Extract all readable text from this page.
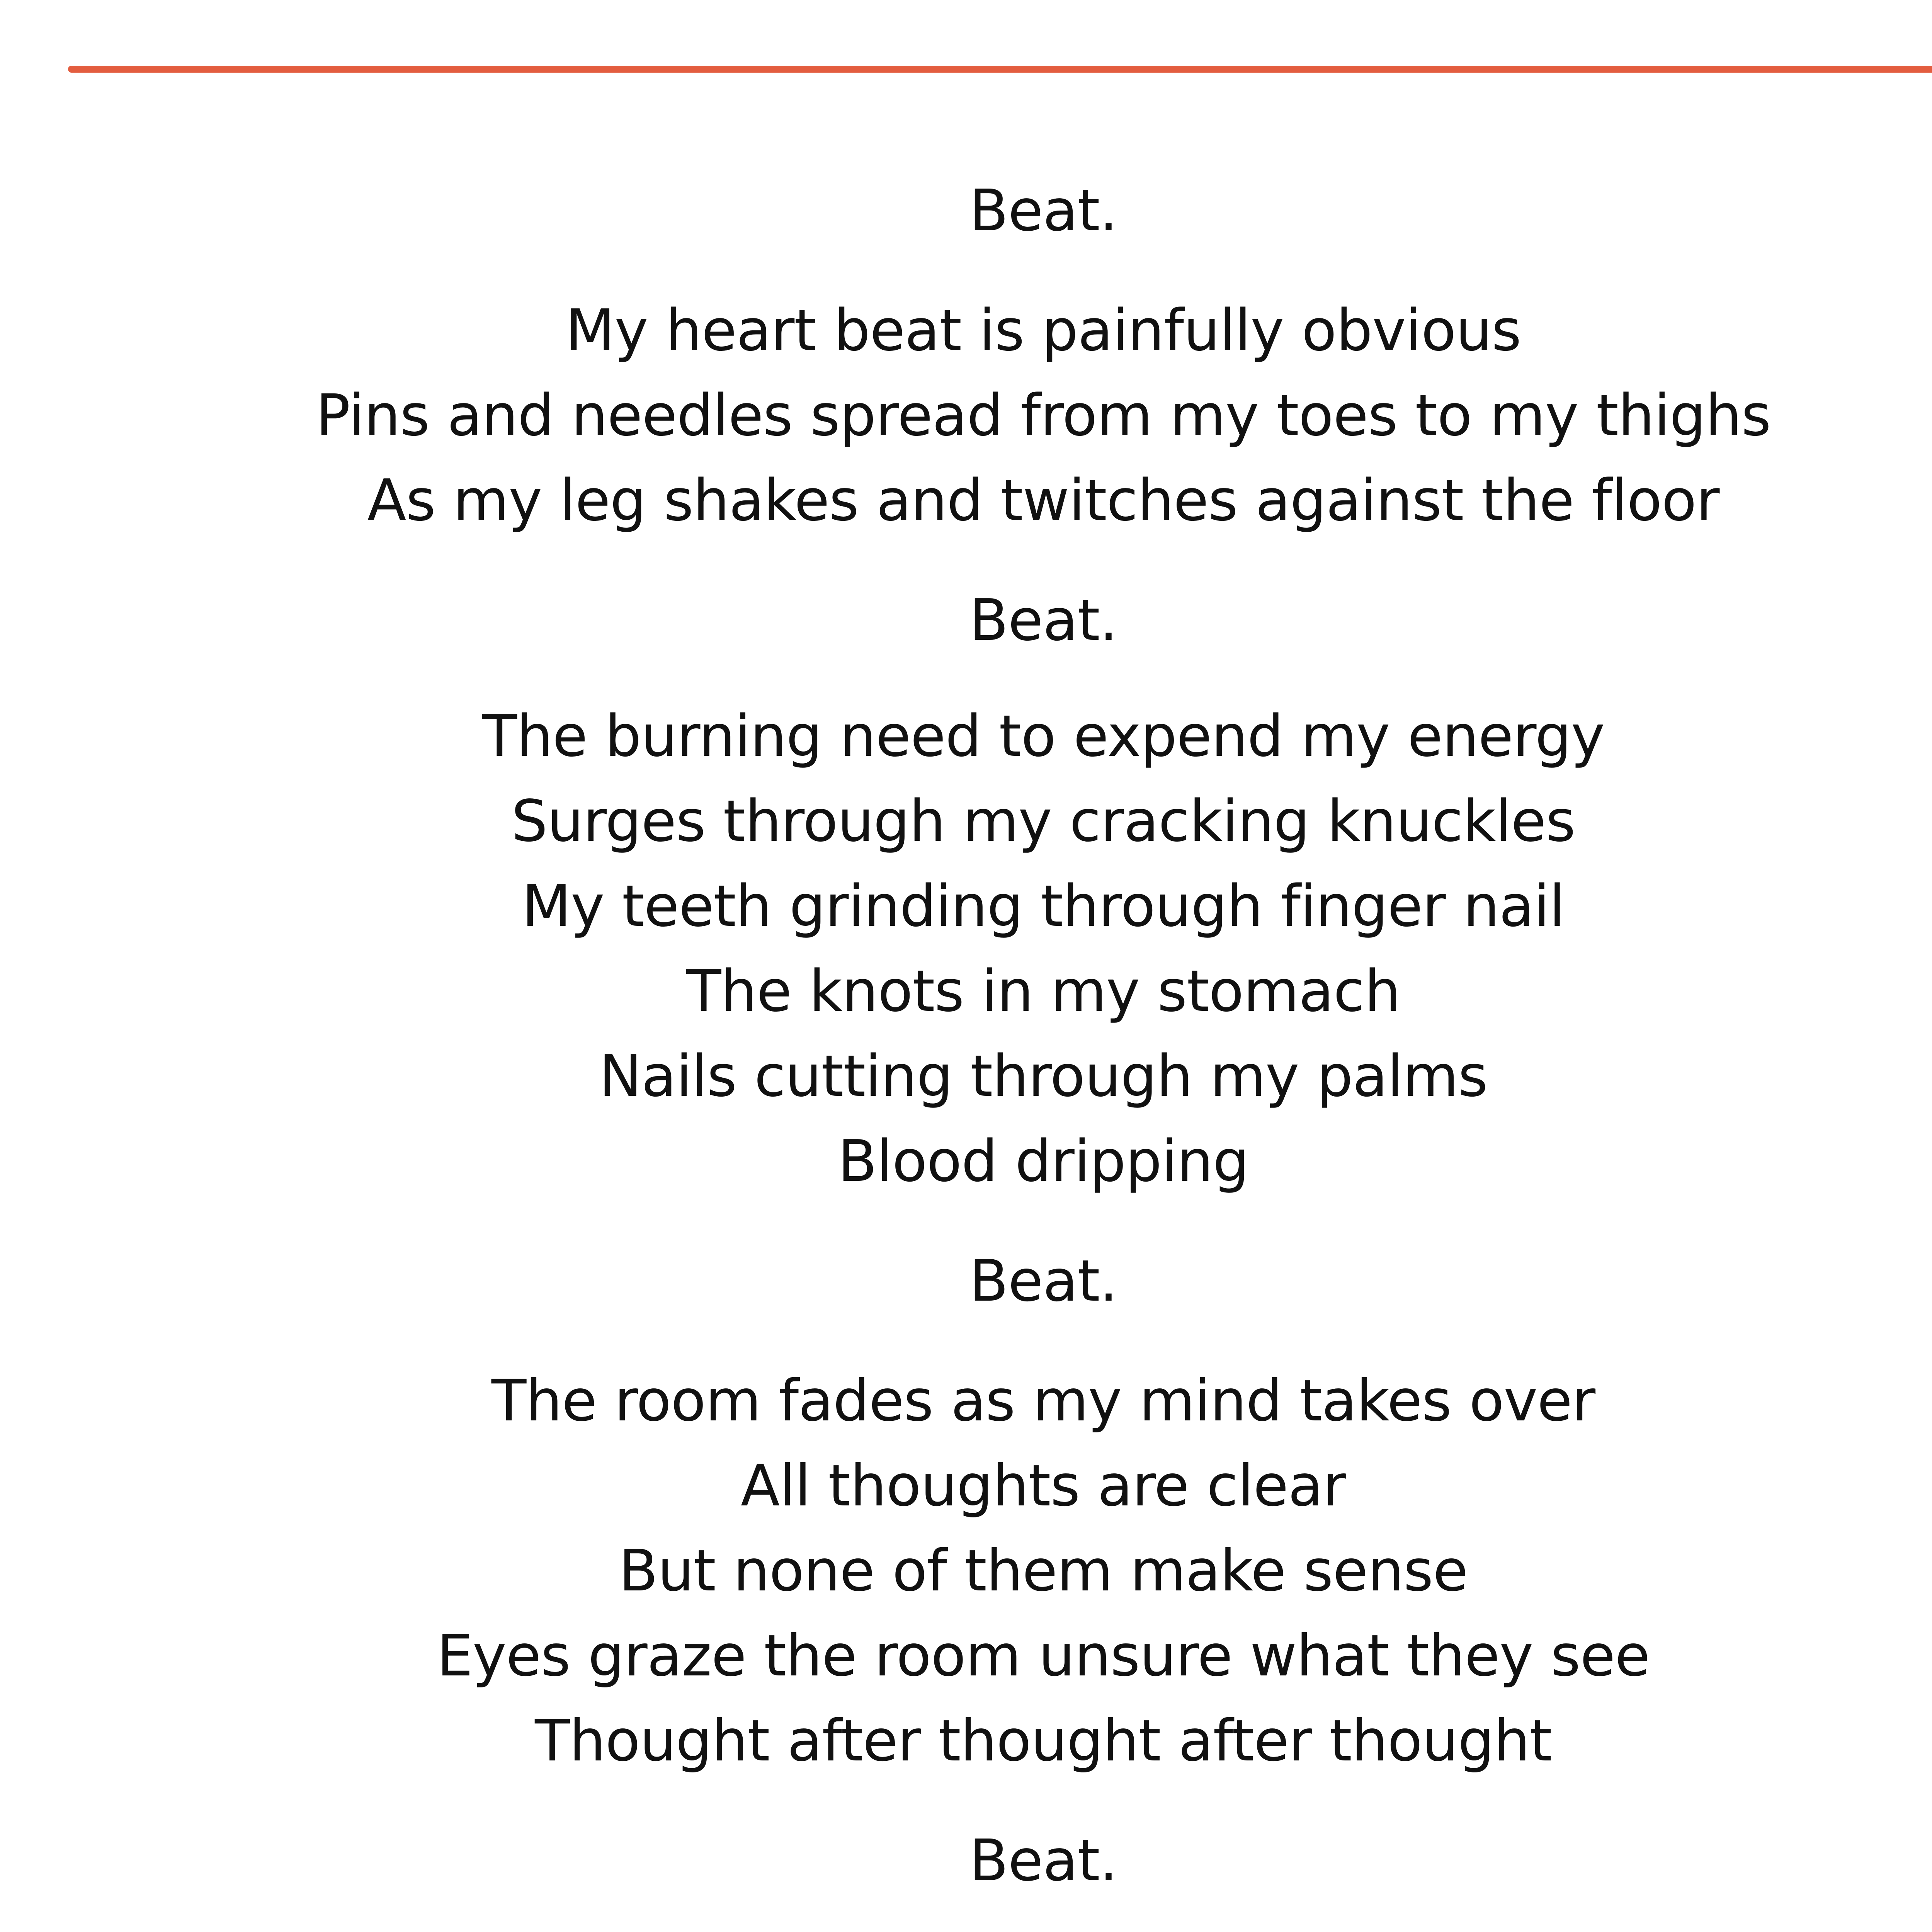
Beat.
My heart beat is painfully obvious
Pins and needles spread from my toes to my thighs
As my leg shakes and twitches against the floor
Beat.
The burning need to expend my energy
Surges through my cracking knuckles
My teeth grinding through finger nail
The knots in my stomach
Nails cutting through my palms
Blood dripping
Beat.
The room fades as my mind takes over
All thoughts are clear
But none of them make sense
Eyes graze the room unsure what they see
Thought after thought after thought
Beat.
